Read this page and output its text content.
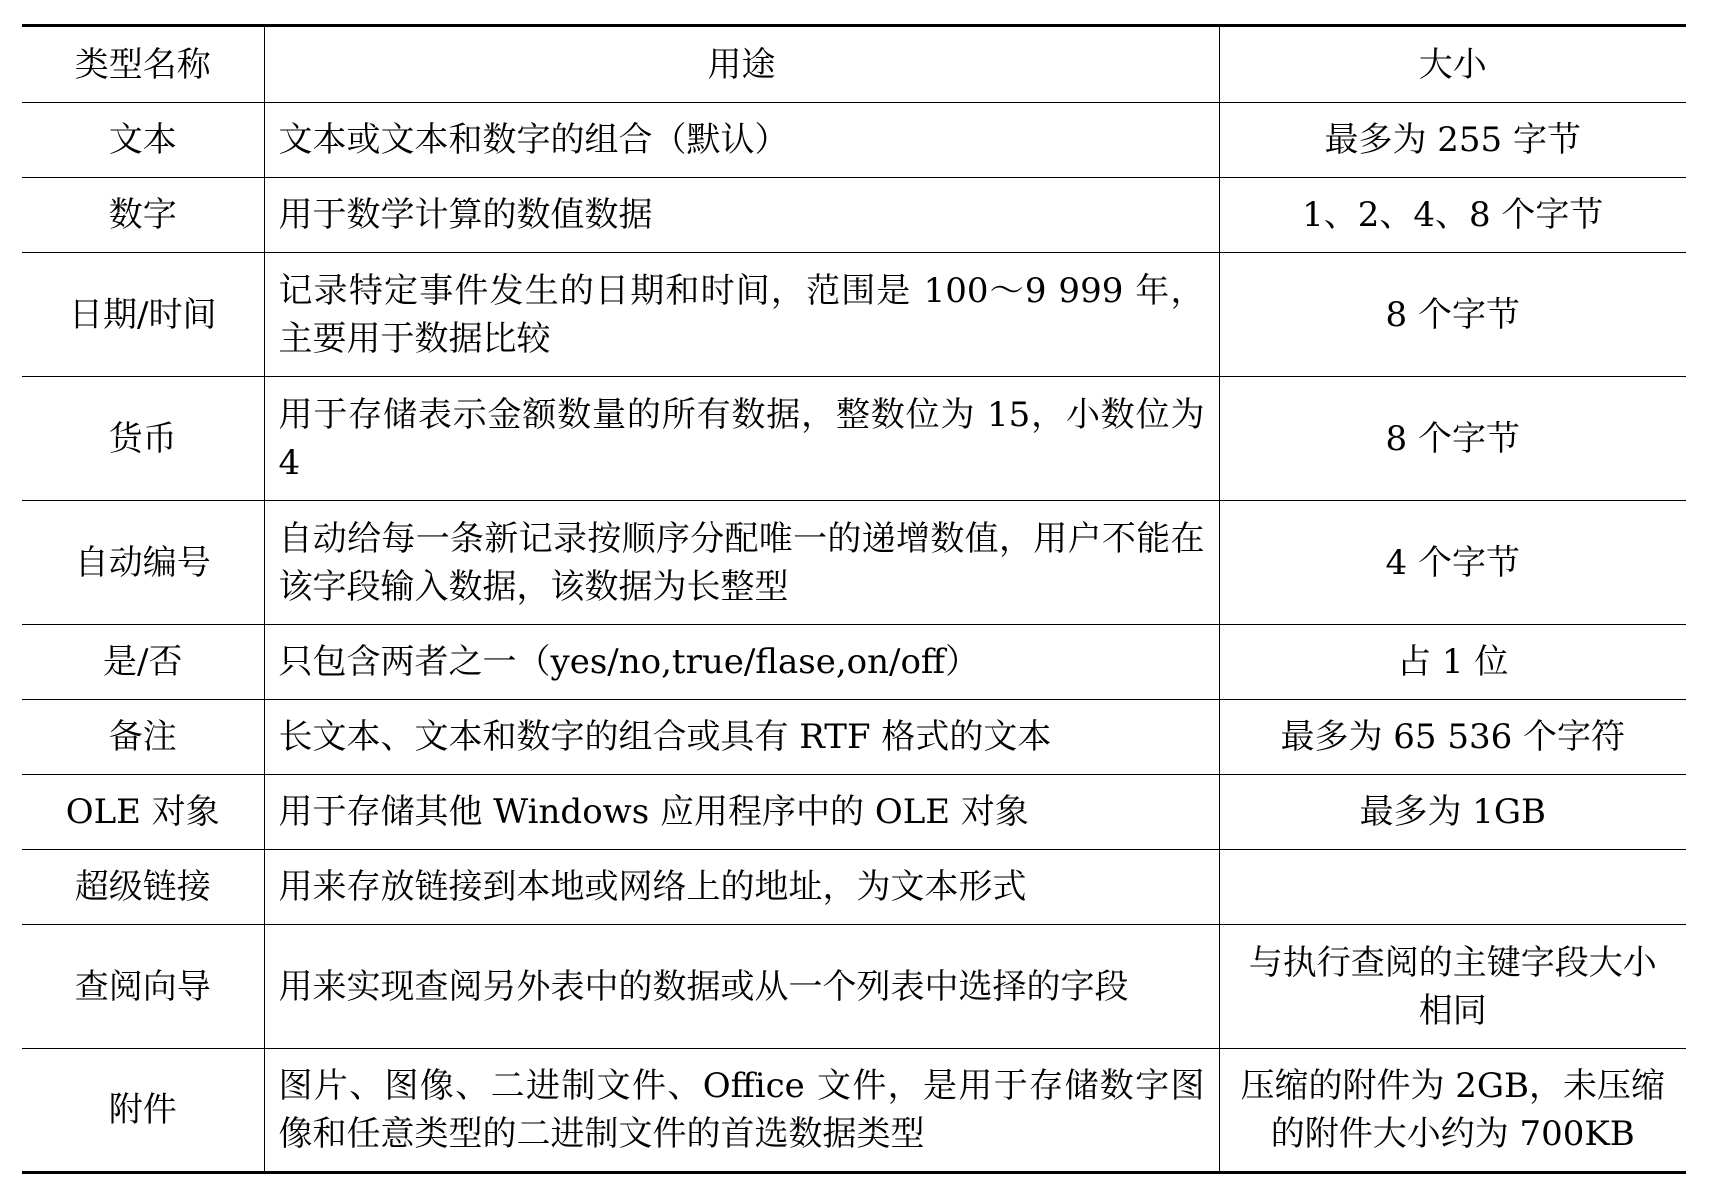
类型名称	用途	大小
文本	文本或文本和数字的组合（默认）	最多为 255 字节
数字	用于数学计算的数值数据	1、2、4、8 个字节
日期/时间	记录特定事件发生的日期和时间，范围是 100～9 999 年，主要用于数据比较	8 个字节
货币	用于存储表示金额数量的所有数据，整数位为 15，小数位为 4	8 个字节
自动编号	自动给每一条新记录按顺序分配唯一的递增数值，用户不能在该字段输入数据，该数据为长整型	4 个字节
是/否	只包含两者之一（yes/no,true/flase,on/off）	占 1 位
备注	长文本、文本和数字的组合或具有 RTF 格式的文本	最多为 65 536 个字符
OLE 对象	用于存储其他 Windows 应用程序中的 OLE 对象	最多为 1GB
超级链接	用来存放链接到本地或网络上的地址，为文本形式	
查阅向导	用来实现查阅另外表中的数据或从一个列表中选择的字段	与执行查阅的主键字段大小相同
附件	图片、图像、二进制文件、Office 文件，是用于存储数字图像和任意类型的二进制文件的首选数据类型	压缩的附件为 2GB，未压缩的附件大小约为 700KB
